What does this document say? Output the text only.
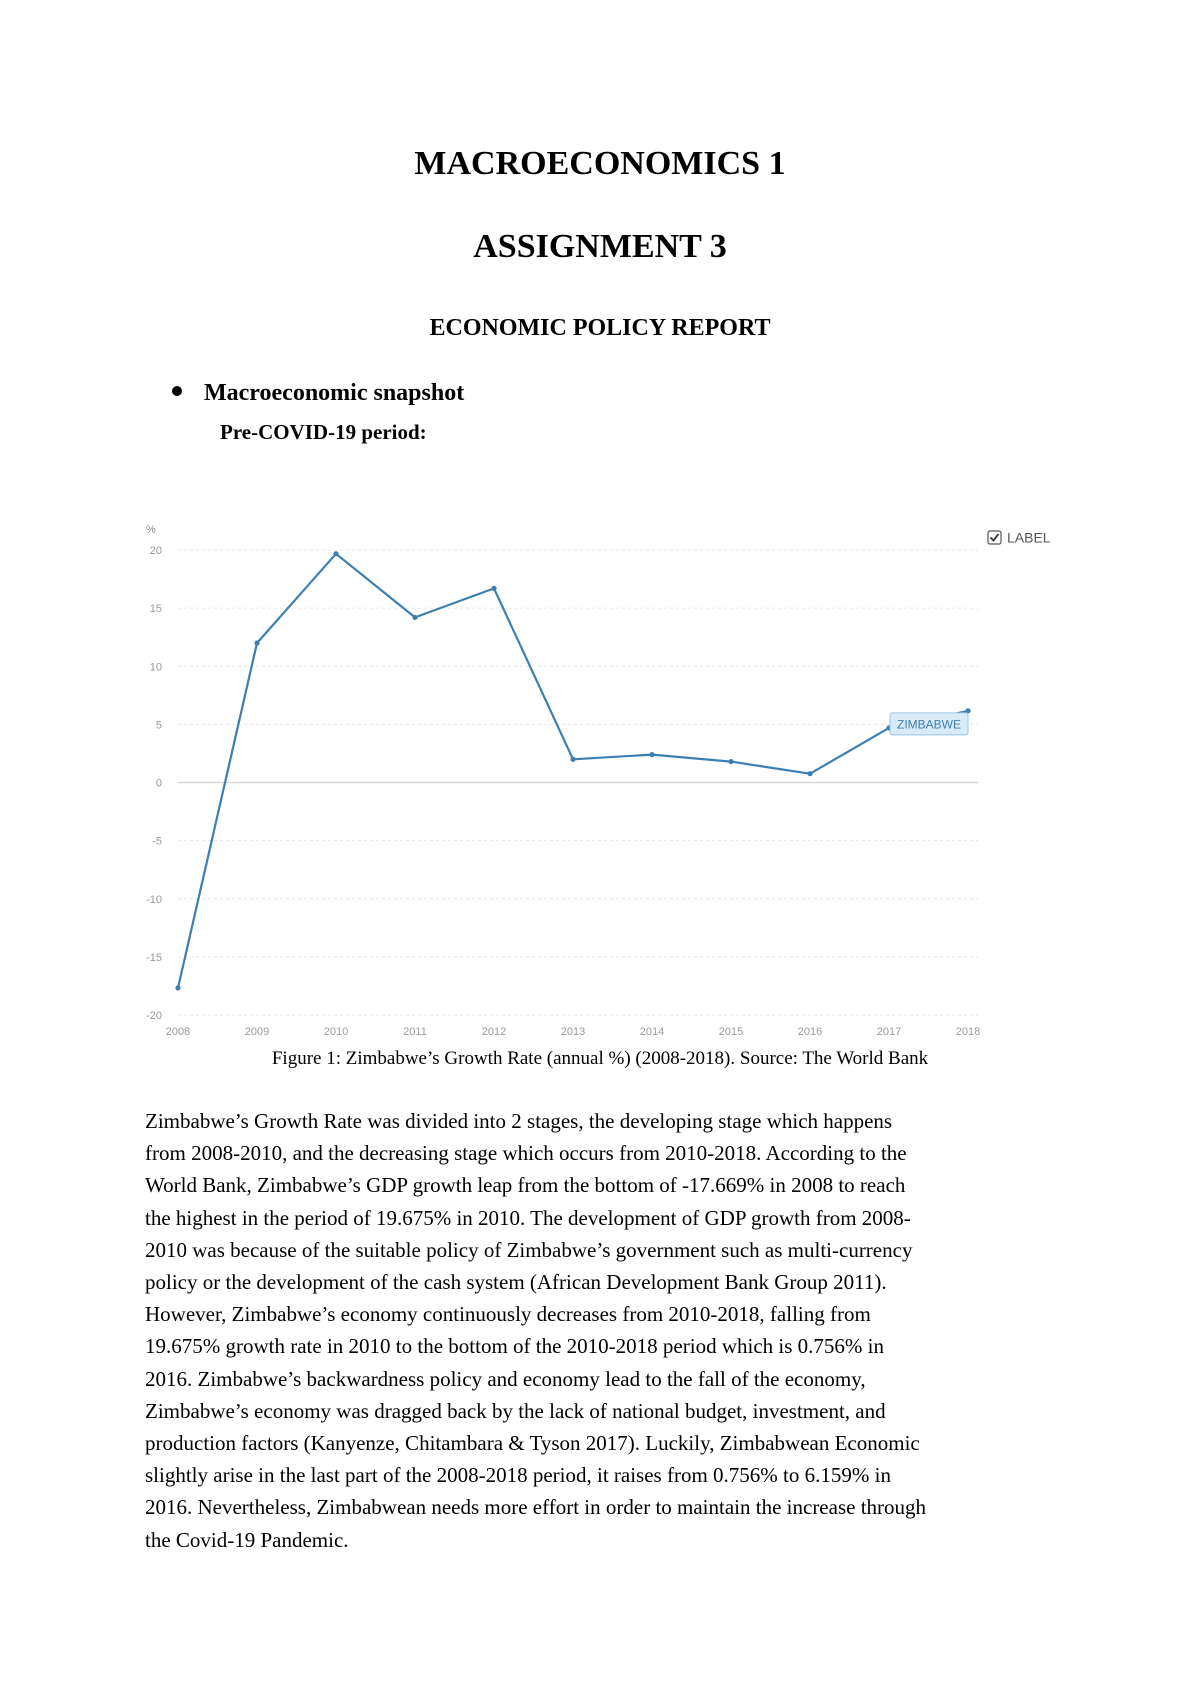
MACROECONOMICS 1
ASSIGNMENT 3
ECONOMIC POLICY REPORT
Macroeconomic snapshot
Pre-COVID-19 period:
20
15
10
5
0
-5
-10
-15
-20
2008	2009	2010	2011	2012	2013	2014	2015	2016	2017	2018
%
ZIMBABWE
LABEL
Figure 1: Zimbabwe’s Growth Rate (annual %) (2008-2018). Source: The World Bank
Zimbabwe’s Growth Rate was divided into 2 stages, the developing stage which happens
from 2008-2010, and the decreasing stage which occurs from 2010-2018. According to the
World Bank, Zimbabwe’s GDP growth leap from the bottom of -17.669% in 2008 to reach
the highest in the period of 19.675% in 2010. The development of GDP growth from 2008-
2010 was because of the suitable policy of Zimbabwe’s government such as multi-currency
policy or the development of the cash system (African Development Bank Group 2011).
However, Zimbabwe’s economy continuously decreases from 2010-2018, falling from
19.675% growth rate in 2010 to the bottom of the 2010-2018 period which is 0.756% in
2016. Zimbabwe’s backwardness policy and economy lead to the fall of the economy,
Zimbabwe’s economy was dragged back by the lack of national budget, investment, and
production factors (Kanyenze, Chitambara & Tyson 2017). Luckily, Zimbabwean Economic
slightly arise in the last part of the 2008-2018 period, it raises from 0.756% to 6.159% in
2016. Nevertheless, Zimbabwean needs more effort in order to maintain the increase through
the Covid-19 Pandemic.
